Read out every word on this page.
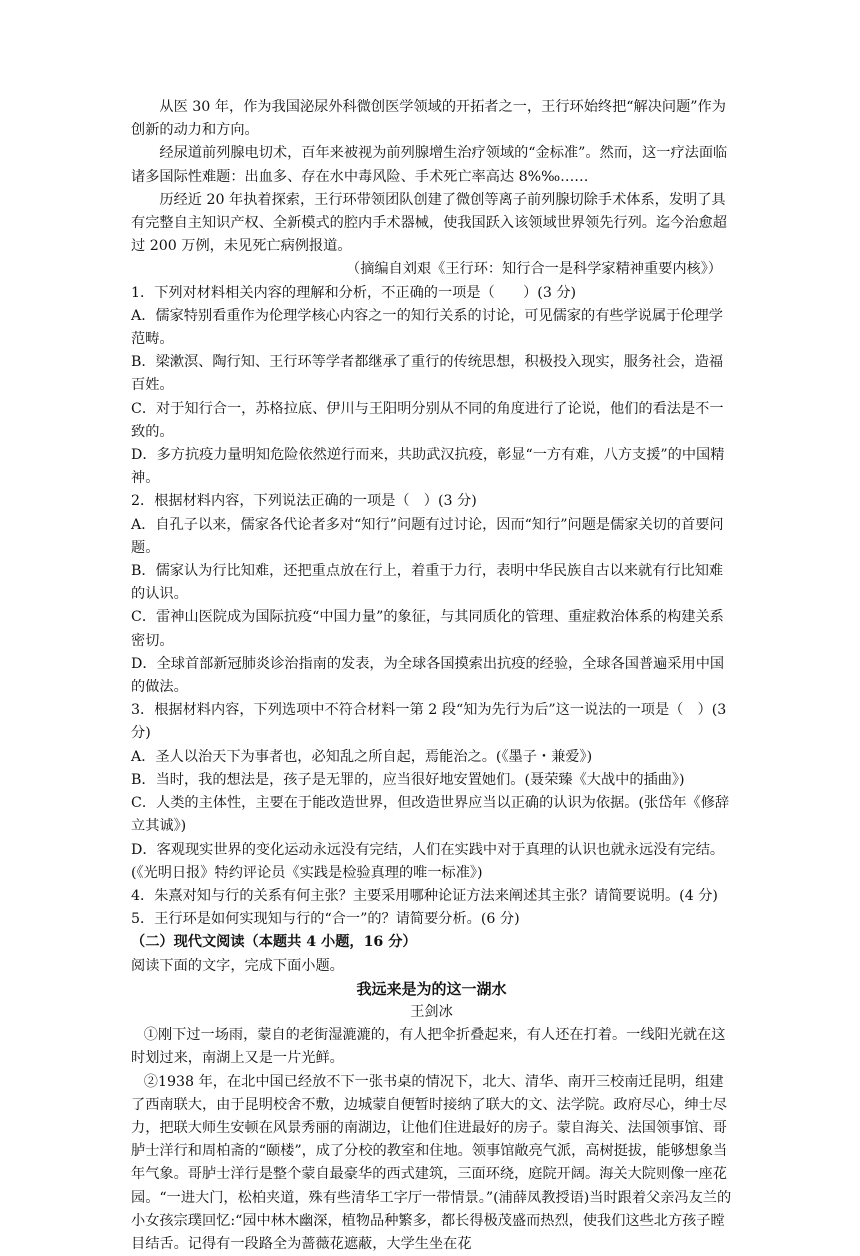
从医 30 年，作为我国泌尿外科微创医学领域的开拓者之一，王行环始终把“解决问题”作为创新的动力和方向。

经尿道前列腺电切术，百年来被视为前列腺增生治疗领域的“金标准”。然而，这一疗法面临诸多国际性难题：出血多、存在水中毒风险、手术死亡率高达 8%‰……

历经近 20 年执着探索，王行环带领团队创建了微创等离子前列腺切除手术体系，发明了具有完整自主知识产权、全新模式的腔内手术器械，使我国跃入该领域世界领先行列。迄今治愈超过 200 万例，未见死亡病例报道。

（摘编自刘艰《王行环：知行合一是科学家精神重要内核》）

1．下列对材料相关内容的理解和分析，不正确的一项是（　　）(3 分)

A．儒家特别看重作为伦理学核心内容之一的知行关系的讨论，可见儒家的有些学说属于伦理学范畴。

B．梁漱溟、陶行知、王行环等学者都继承了重行的传统思想，积极投入现实，服务社会，造福百姓。

C．对于知行合一，苏格拉底、伊川与王阳明分别从不同的角度进行了论说，他们的看法是不一致的。

D．多方抗疫力量明知危险依然逆行而来，共助武汉抗疫，彰显“一方有难，八方支援”的中国精神。

2．根据材料内容，下列说法正确的一项是（　）(3 分)

A．自孔子以来，儒家各代论者多对“知行”问题有过讨论，因而“知行”问题是儒家关切的首要问题。

B．儒家认为行比知难，还把重点放在行上，着重于力行，表明中华民族自古以来就有行比知难的认识。

C．雷神山医院成为国际抗疫“中国力量”的象征，与其同质化的管理、重症救治体系的构建关系密切。

D．全球首部新冠肺炎诊治指南的发表，为全球各国摸索出抗疫的经验，全球各国普遍采用中国的做法。

3．根据材料内容，下列选项中不符合材料一第 2 段“知为先行为后”这一说法的一项是（　）(3 分)

A．圣人以治天下为事者也，必知乱之所自起，焉能治之。(《墨子・兼爱》)

B．当时，我的想法是，孩子是无罪的，应当很好地安置她们。(聂荣臻《大战中的插曲》)

C．人类的主体性，主要在于能改造世界，但改造世界应当以正确的认识为依据。(张岱年《修辞立其诚》)

D．客观现实世界的变化运动永远没有完结，人们在实践中对于真理的认识也就永远没有完结。(《光明日报》特约评论员《实践是检验真理的唯一标准》)

4．朱熹对知与行的关系有何主张？主要采用哪种论证方法来阐述其主张？请简要说明。(4 分)

5．王行环是如何实现知与行的“合一”的？请简要分析。(6 分)

（二）现代文阅读（本题共 4 小题，16 分）

阅读下面的文字，完成下面小题。

我远来是为的这一湖水

王剑冰

①刚下过一场雨，蒙自的老街湿漉漉的，有人把伞折叠起来，有人还在打着。一线阳光就在这时划过来，南湖上又是一片光鲜。

②1938 年，在北中国已经放不下一张书桌的情况下，北大、清华、南开三校南迁昆明，组建了西南联大，由于昆明校舍不敷，边城蒙自便暂时接纳了联大的文、法学院。政府尽心，绅士尽力，把联大师生安顿在风景秀丽的南湖边，让他们住进最好的房子。蒙自海关、法国领事馆、哥胪士洋行和周柏斋的“颐楼”，成了分校的教室和住地。领事馆敞亮气派，高树挺拔，能够想象当年气象。哥胪士洋行是整个蒙自最豪华的西式建筑，三面环绕，庭院开阔。海关大院则像一座花园。“一进大门，松柏夹道，殊有些清华工字厅一带情景。”(浦薛凤教授语)当时跟着父亲冯友兰的小女孩宗璞回忆:“园中林木幽深，植物品种繁多，都长得极茂盛而热烈，使我们这些北方孩子瞠目结舌。记得有一段路全为蔷薇花遮蔽，大学生坐在花
